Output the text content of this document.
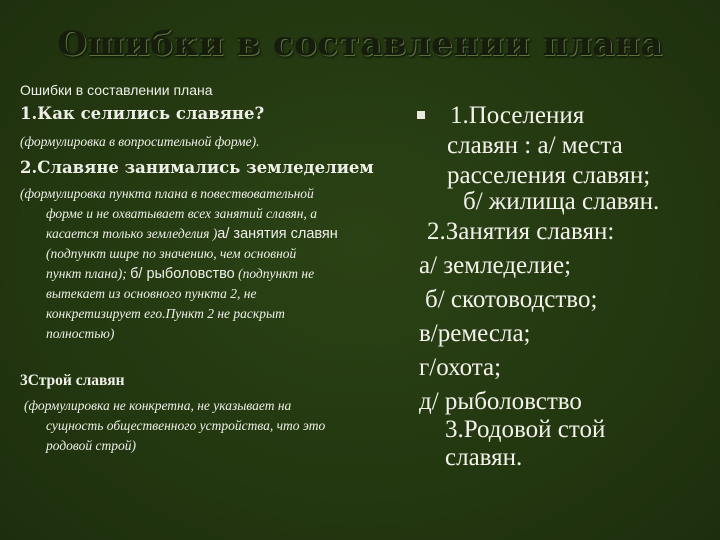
Ошибки в составлении плана
Ошибки в составлении плана
1.Как селились славяне?
(формулировка в вопросительной форме).
2.Славяне занимались земледелием
(формулировка пункта плана в повествовательной
форме и не охватывает всех занятий славян, а
касается только земледелия )а/ занятия славян
(подпункт шире по значению, чем основной
пункт плана); б/ рыболовство (подпункт не
вытекает из основного пункта 2, не
конкретизирует его.Пункт 2 не раскрыт
полностью)
3Строй славян
(формулировка не конкретна, не указывает на
сущность общественного устройства, что это
родовой строй)
1.Поселения
славян : а/ места
расселения славян;
б/ жилища славян.
2.Занятия славян:
а/ земледелие;
б/ скотоводство;
в/ремесла;
г/охота;
д/ рыболовство
3.Родовой стой
славян.
